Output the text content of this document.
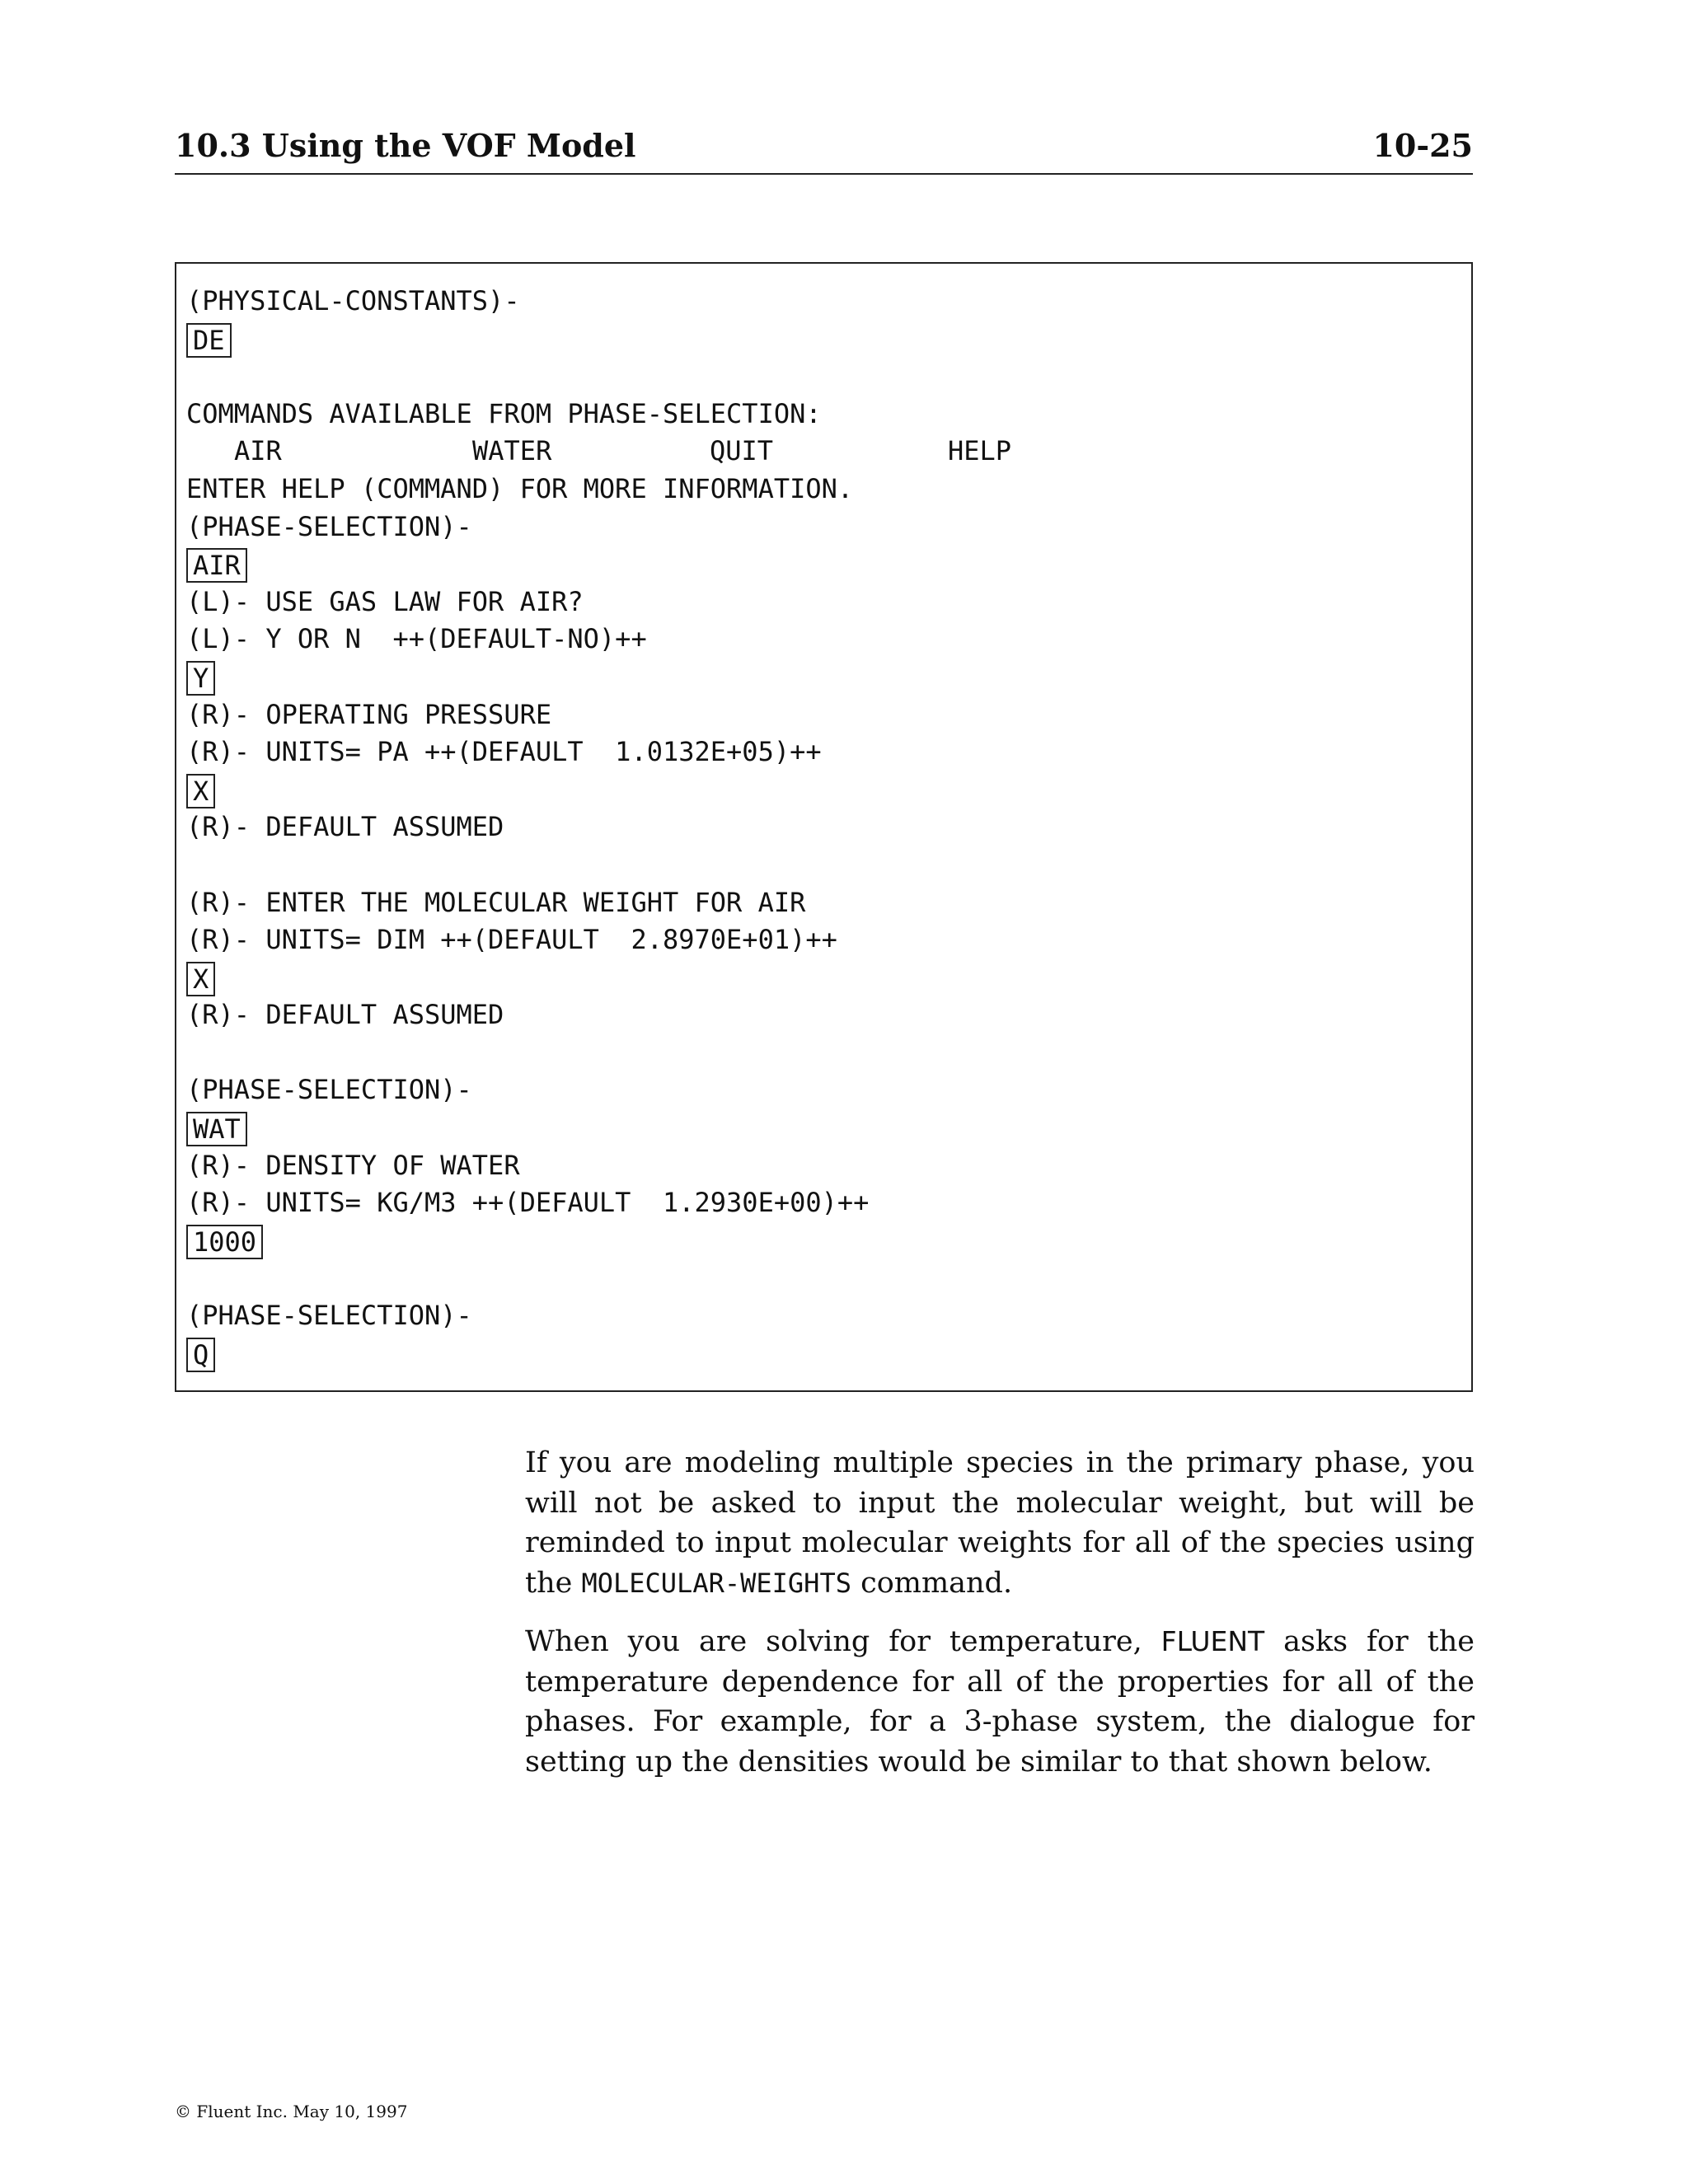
10.3 Using the VOF Model	10-25
(PHYSICAL-CONSTANTS)-
DE
COMMANDS AVAILABLE FROM PHASE-SELECTION:

AIR

	WATER

	QUIT

	HELP

ENTER HELP (COMMAND) FOR MORE INFORMATION.
(PHASE-SELECTION)-
AIR
(L)- USE GAS LAW FOR AIR?
(L)- Y OR N  ++(DEFAULT-NO)++
Y
(R)- OPERATING PRESSURE
(R)- UNITS= PA ++(DEFAULT  1.0132E+05)++
X
(R)- DEFAULT ASSUMED
(R)- ENTER THE MOLECULAR WEIGHT FOR AIR
(R)- UNITS= DIM ++(DEFAULT  2.8970E+01)++
X
(R)- DEFAULT ASSUMED
(PHASE-SELECTION)-
WAT
(R)- DENSITY OF WATER
(R)- UNITS= KG/M3 ++(DEFAULT  1.2930E+00)++
1000
(PHASE-SELECTION)-
Q

If you are modeling multiple species in the primary phase, you will not be asked to input the molecular weight, but will be reminded to input molecular weights for all of the species using the MOLECULAR-WEIGHTS command.

When you are solving for temperature, FLUENT asks for the temperature dependence for all of the properties for all of the phases. For example, for a 3-phase system, the dialogue for setting up the densities would be similar to that shown below.

© Fluent Inc. May 10, 1997
